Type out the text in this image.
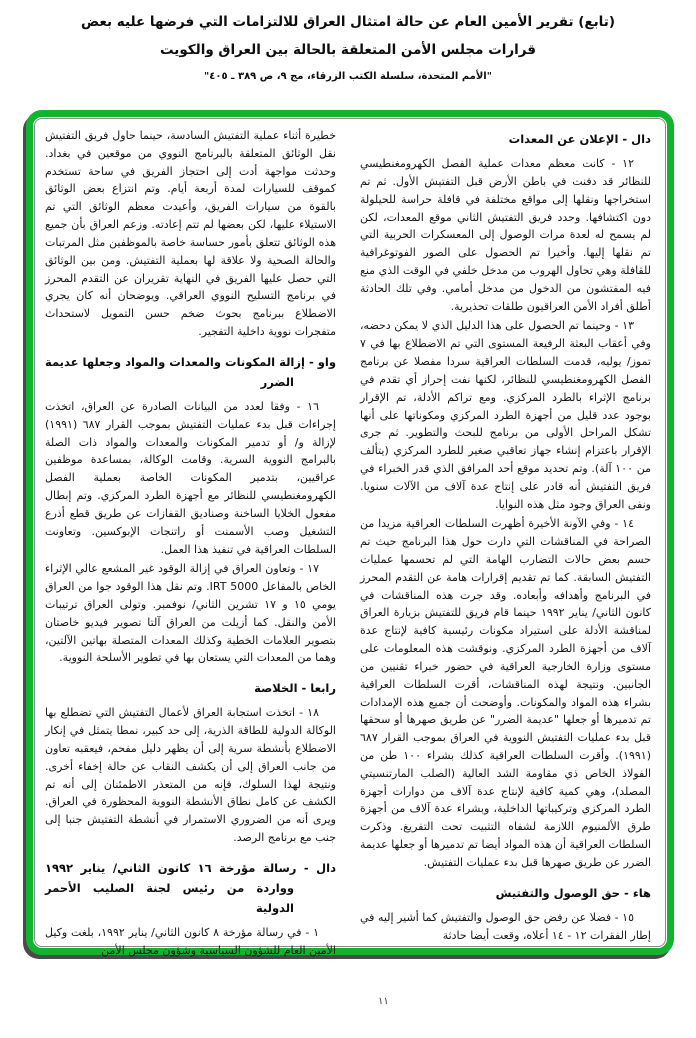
(تابع) تقرير الأمين العام عن حالة امتثال العراق للالتزامات التي فرضها عليه بعض
قرارات مجلس الأمن المتعلقة بالحالة بين العراق والكويت
"الأمم المتحدة، سلسلة الكتب الزرقاء، مج ٩، ص ٣٨٩ ـ ٤٠٥"
دال - الإعلان عن المعدات

١٢ - كانت معظم معدات عملية الفصل الكهرومغنطيسي للنظائر قد دفنت في باطن الأرض قبل التفتيش الأول. ثم تم استخراجها ونقلها إلى مواقع مختلفة في قافلة حراسة للحيلولة دون اكتشافها. وحدد فريق التفتيش الثاني موقع المعدات، لكن لم يسمح له لعدة مرات الوصول إلى المعسكرات الحربية التي تم نقلها إليها. وأخيرا تم الحصول على الصور الفوتوغرافية للقافلة وهي تحاول الهروب من مدخل خلفي في الوقت الذي منع فيه المفتشون من الدخول من مدخل أمامي. وفي تلك الحادثة أطلق أفراد الأمن العراقيون طلقات تحذيرية.

١٣ - وحينما تم الحصول على هذا الدليل الذي لا يمكن دحضه، وفي أعقاب البعثة الرفيعة المستوى التي تم الاضطلاع بها في ٧ تموز/ يوليه، قدمت السلطات العراقية سردا مفصلا عن برنامج الفصل الكهرومغنطيسي للنظائر، لكنها نفت إحراز أي تقدم في برنامج الإثراء بالطرد المركزي. ومع تراكم الأدلة، تم الإقرار بوجود عدد قليل من أجهزة الطرد المركزي ومكوناتها على أنها تشكل المراحل الأولى من برنامج للبحث والتطوير. ثم جرى الإقرار باعتزام إنشاء جهاز تعاقبي صغير للطرد المركزي (يتألف من ١٠٠ آلة). وتم تحديد موقع أحد المرافق الذي قدر الخبراء في فريق التفتيش أنه قادر على إنتاج عدة آلاف من الآلات سنويا. ونفى العراق وجود مثل هذه النوايا.

١٤ - وفي الآونة الأخيرة أظهرت السلطات العراقية مزيدا من الصراحة في المناقشات التي دارت حول هذا البرنامج حيث تم حسم بعض حالات التضارب الهامة التي لم تحسمها عمليات التفتيش السابقة. كما تم تقديم إقرارات هامة عن التقدم المحرز في البرنامج وأهدافه وأبعاده. وقد جرت هذه المناقشات في كانون الثاني/ يناير ١٩٩٢ حينما قام فريق للتفتيش بزيارة العراق لمناقشة الأدلة على استيراد مكونات رئيسية كافية لإنتاج عدة آلاف من أجهزة الطرد المركزي. ونوقشت هذه المعلومات على مستوى وزارة الخارجية العراقية في حضور خبراء تقنيين من الجانبين. ونتيجة لهذه المناقشات، أقرت السلطات العراقية بشراء هذه المواد والمكونات. وأوضحت أن جميع هذه الإمدادات تم تدميرها أو جعلها "عديمة الضرر" عن طريق صهرها أو سحقها قبل بدء عمليات التفتيش النووية في العراق بموجب القرار ٦٨٧ (١٩٩١). وأقرت السلطات العراقية كذلك بشراء ١٠٠ طن من الفولاذ الخاص ذي مقاومة الشد العالية (الصلب المارتنسيتي المصلد)، وهي كمية كافية لإنتاج عدة آلاف من دوارات أجهزة الطرد المركزي وتركيباتها الداخلية، وبشراء عدة آلاف من أجهزة طرق الألمنيوم اللازمة لشفاه التثبيت تحت التفريغ. وذكرت السلطات العراقية أن هذه المواد أيضا تم تدميرها أو جعلها عديمة الضرر عن طريق صهرها قبل بدء عمليات التفتيش.

هاء - حق الوصول والتفتيش

١٥ - فضلا عن رفض حق الوصول والتفتيش كما أشير إليه في إطار الفقرات ١٢ - ١٤ أعلاه، وقعت أيضا حادثة

خطيرة أثناء عملية التفتيش السادسة، حينما حاول فريق التفتيش نقل الوثائق المتعلقة بالبرنامج النووي من موقعين في بغداد. وحدثت مواجهة أدت إلى احتجاز الفريق في ساحة تستخدم كموقف للسيارات لمدة أربعة أيام. وتم انتزاع بعض الوثائق بالقوة من سيارات الفريق، وأعيدت معظم الوثائق التي تم الاستيلاء عليها، لكن بعضها لم تتم إعادته. وزعم العراق بأن جميع هذه الوثائق تتعلق بأمور حساسة خاصة بالموظفين مثل المرتبات والحالة الصحية ولا علاقة لها بعملية التفتيش. ومن بين الوثائق التي حصل عليها الفريق في النهاية تقريران عن التقدم المحرز في برنامج التسليح النووي العراقي. ويوضحان أنه كان يجري الاضطلاع ببرنامج بحوث ضخم حسن التمويل لاستحداث متفجرات نووية داخلية التفجير.

واو - إزالة المكونات والمعدات والمواد وجعلها عديمة الضرر

١٦ - وفقا لعدد من البيانات الصادرة عن العراق، اتخذت إجراءات قبل بدء عمليات التفتيش بموجب القرار ٦٨٧ (١٩٩١) لإزالة و/ أو تدمير المكونات والمعدات والمواد ذات الصلة بالبرامج النووية السرية. وقامت الوكالة، بمساعدة موظفين عراقيين، بتدمير المكونات الخاصة بعملية الفصل الكهرومغنطيسي للنظائر مع أجهزة الطرد المركزي. وتم إبطال مفعول الخلايا الساخنة وصناديق القفازات عن طريق قطع أذرع التشغيل وصب الأسمنت أو راتنجات الإبوكسين. وتعاونت السلطات العراقية في تنفيذ هذا العمل.

١٧ - وتعاون العراق في إزالة الوقود غير المشعع عالي الإثراء الخاص بالمفاعل IRT 5000. وتم نقل هذا الوقود جوا من العراق يومي ١٥ و ١٧ تشرين الثاني/ نوفمبر. وتولى العراق ترتيبات الأمن والنقل. كما أزيلت من العراق آلتا تصوير فيديو خاصتان بتصوير العلامات الخطية وكذلك المعدات المتصلة بهاتين الآلتين، وهما من المعدات التي يستعان بها في تطوير الأسلحة النووية.

رابعا - الخلاصة

١٨ - اتخذت استجابة العراق لأعمال التفتيش التي تضطلع بها الوكالة الدولية للطاقة الذرية، إلى حد كبير، نمطا يتمثل في إنكار الاضطلاع بأنشطة سرية إلى أن يظهر دليل مفحم، فيعقبه تعاون من جانب العراق إلى أن يكشف النقاب عن حالة إخفاء أخرى. ونتيجة لهذا السلوك، فإنه من المتعذر الاطمئنان إلى أنه تم الكشف عن كامل نطاق الأنشطة النووية المحظورة في العراق. ويرى أنه من الضروري الاستمرار في أنشطة التفتيش جنبا إلى جنب مع برنامج الرصد.

دال - رسالة مؤرخة ١٦ كانون الثاني/ يناير ١٩٩٢ وواردة من رئيس لجنة الصليب الأحمر الدولية

١ - في رسالة مؤرخة ٨ كانون الثاني/ يناير ١٩٩٢، بلغت وكيل الأمين العام للشؤون السياسية وشؤون مجلس الأمن

١١
